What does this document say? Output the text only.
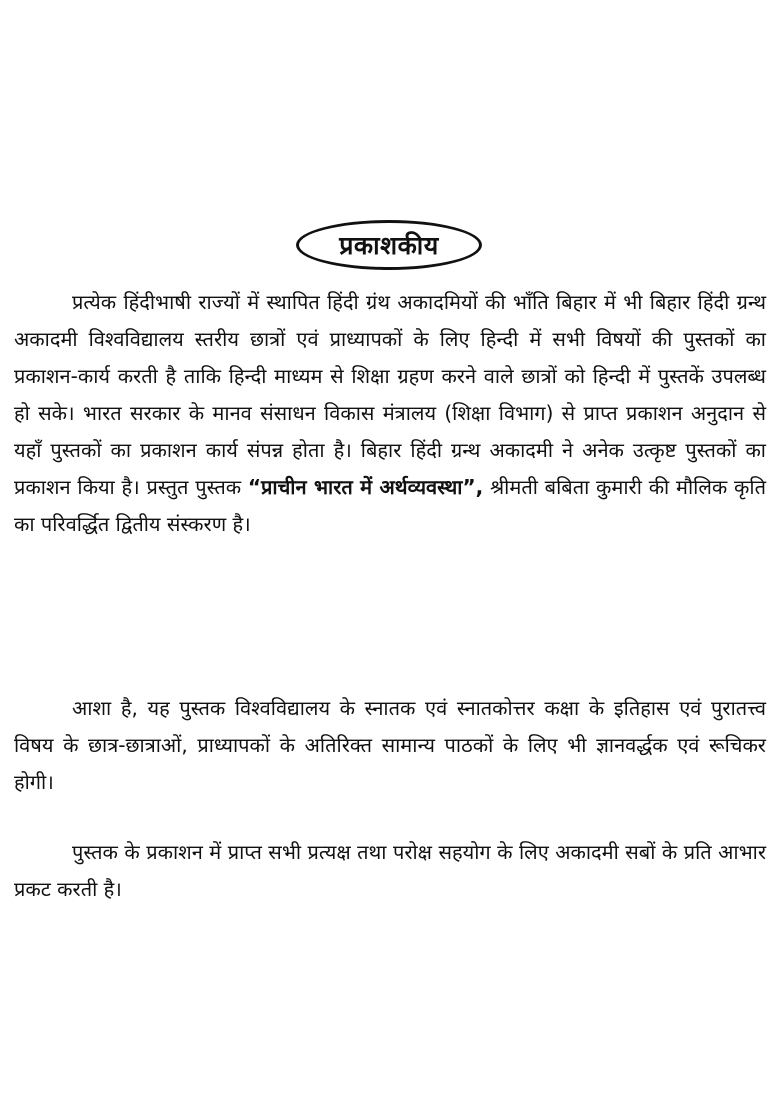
प्रकाशकीय

प्रत्येक हिंदीभाषी राज्यों में स्थापित हिंदी ग्रंथ अकादमियों की भाँति बिहार में भी बिहार हिंदी ग्रन्थ अकादमी विश्वविद्यालय स्तरीय छात्रों एवं प्राध्यापकों के लिए हिन्दी में सभी विषयों की पुस्तकों का प्रकाशन-कार्य करती है ताकि हिन्दी माध्यम से शिक्षा ग्रहण करने वाले छात्रों को हिन्दी में पुस्तकें उपलब्ध हो सके। भारत सरकार के मानव संसाधन विकास मंत्रालय (शिक्षा विभाग) से प्राप्त प्रकाशन अनुदान से यहाँ पुस्तकों का प्रकाशन कार्य संपन्न होता है। बिहार हिंदी ग्रन्थ अकादमी ने अनेक उत्कृष्ट पुस्तकों का प्रकाशन किया है। प्रस्तुत पुस्तक “प्राचीन भारत में अर्थव्यवस्था”, श्रीमती बबिता कुमारी की मौलिक कृति का परिवर्द्धित द्वितीय संस्करण है।

आशा है, यह पुस्तक विश्वविद्यालय के स्नातक एवं स्नातकोत्तर कक्षा के इतिहास एवं पुरातत्त्व विषय के छात्र-छात्राओं, प्राध्यापकों के अतिरिक्त सामान्य पाठकों के लिए भी ज्ञानवर्द्धक एवं रूचिकर होगी।

पुस्तक के प्रकाशन में प्राप्त सभी प्रत्यक्ष तथा परोक्ष सहयोग के लिए अकादमी सबों के प्रति आभार प्रकट करती है।
